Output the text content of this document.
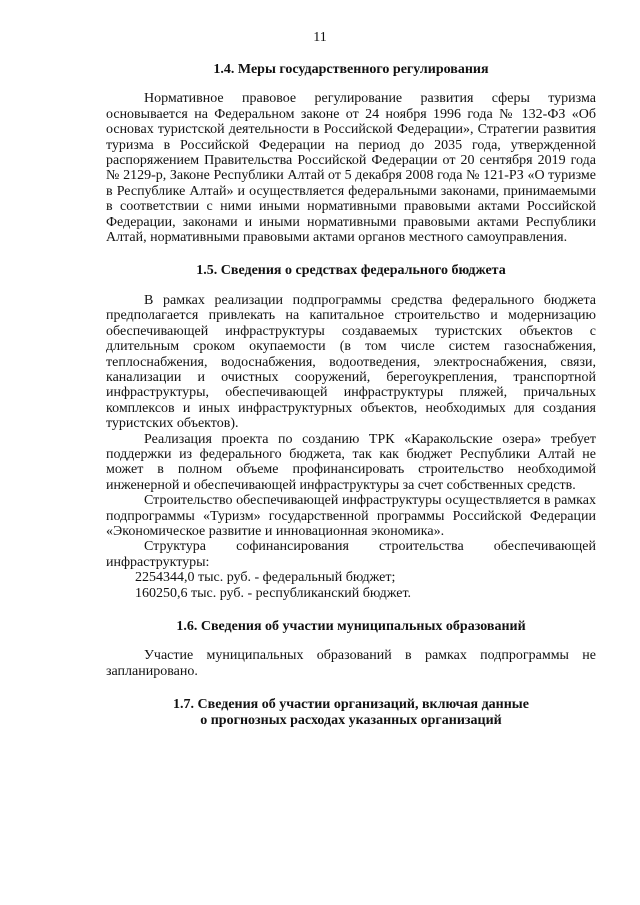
11

1.4. Меры государственного регулирования

Нормативное правовое регулирование развития сферы туризма основывается на Федеральном законе от 24 ноября 1996 года № 132-ФЗ «Об основах туристской деятельности в Российской Федерации», Стратегии развития туризма в Российской Федерации на период до 2035 года, утвержденной распоряжением Правительства Российской Федерации от 20 сентября 2019 года № 2129-р, Законе Республики Алтай от 5 декабря 2008 года № 121-РЗ «О туризме в Республике Алтай» и осуществляется федеральными законами, принимаемыми в соответствии с ними иными нормативными правовыми актами Российской Федерации, законами и иными нормативными правовыми актами Республики Алтай, нормативными правовыми актами органов местного самоуправления.

1.5. Сведения о средствах федерального бюджета

В рамках реализации подпрограммы средства федерального бюджета предполагается привлекать на капитальное строительство и модернизацию обеспечивающей инфраструктуры создаваемых туристских объектов с длительным сроком окупаемости (в том числе систем газоснабжения, теплоснабжения, водоснабжения, водоотведения, электроснабжения, связи, канализации и очистных сооружений, берегоукрепления, транспортной инфраструктуры, обеспечивающей инфраструктуры пляжей, причальных комплексов и иных инфраструктурных объектов, необходимых для создания туристских объектов).

Реализация проекта по созданию ТРК «Каракольские озера» требует поддержки из федерального бюджета, так как бюджет Республики Алтай не может в полном объеме профинансировать строительство необходимой инженерной и обеспечивающей инфраструктуры за счет собственных средств.

Строительство обеспечивающей инфраструктуры осуществляется в рамках подпрограммы «Туризм» государственной программы Российской Федерации «Экономическое развитие и инновационная экономика».

Структура софинансирования строительства обеспечивающей инфраструктуры:

2254344,0 тыс. руб. - федеральный бюджет;

160250,6 тыс. руб. - республиканский бюджет.

1.6. Сведения об участии муниципальных образований

Участие муниципальных образований в рамках подпрограммы не запланировано.

1.7. Сведения об участии организаций, включая данные

о прогнозных расходах указанных организаций
